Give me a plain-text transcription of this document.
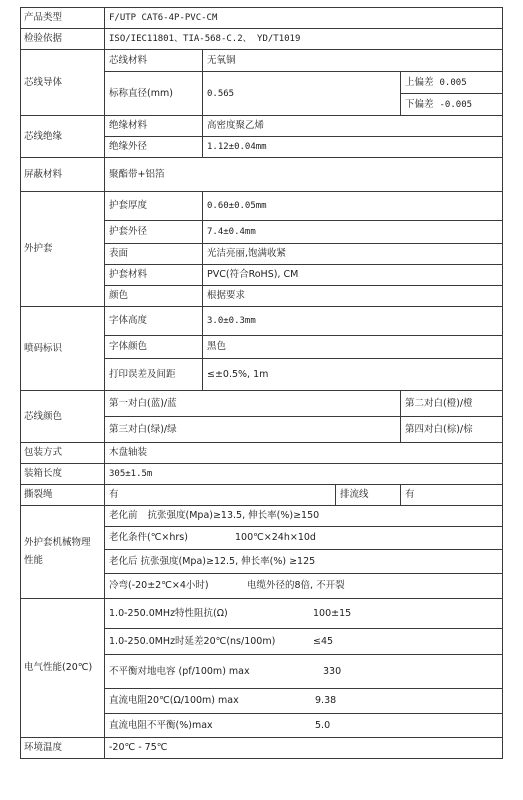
产品类型	F/UTP CAT6-4P-PVC-CM			
检验依据	ISO/IEC11801、TIA-568-C.2、 YD/T1019			
芯线导体	芯线材料	无氧铜		
	标称直径(mm)	0.565		上偏差 0.005
				下偏差 -0.005
芯线绝缘	绝缘材料	高密度聚乙烯		
	绝缘外径	1.12±0.04mm		
屏蔽材料	聚酯带+铝箔			
外护套	护套厚度	0.60±0.05mm		
	护套外径	7.4±0.4mm		
	表面	光洁亮丽,饱满收紧		
	护套材料	PVC(符合RoHS), CM		
	颜色	根据要求		
喷码标识	字体高度	3.0±0.3mm		
	字体颜色	黑色		
	打印误差及间距	≤±0.5%, 1m		
芯线颜色	第一对白(蓝)/蓝			第二对白(橙)/橙
	第三对白(绿)/绿			第四对白(棕)/棕
包装方式	木盘轴装			
装箱长度	305±1.5m			
撕裂绳	有		排流线	有
外护套机械物理
性能	老化前 抗张强度(Mpa)≥13.5, 伸长率(%)≥150			
	老化条件(℃×hrs) 100℃×24h×10d			
	老化后 抗张强度(Mpa)≥12.5, 伸长率(%) ≥125			
	冷弯(-20±2℃×4小时) 电缆外径的8倍, 不开裂			
电气性能(20℃)	1.0-250.0MHz特性阻抗(Ω) 100±15			
	1.0-250.0MHz时延差20℃(ns/100m) ≤45			
	不平衡对地电容 (pf/100m) max 330			
	直流电阻20℃(Ω/100m) max 9.38			
	直流电阻不平衡(%)max 5.0			
环境温度	-20℃ - 75℃			
